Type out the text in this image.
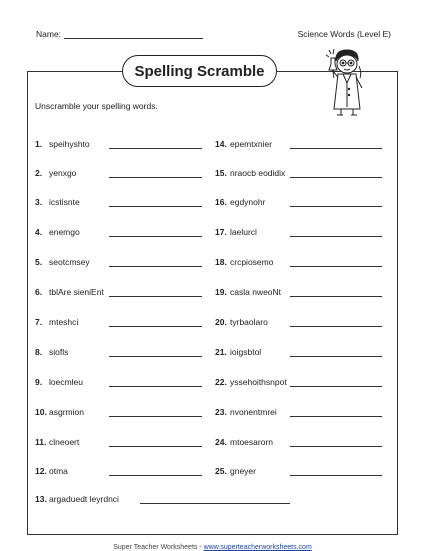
Name:	Science Words (Level E)
Spelling Scramble
Unscramble your spelling words.
1. speihyshto
2. yenxgo
3. icstisnte
4. enemgo
5. seotcmsey
6. tblAre sieniEnt
7. mteshci
8. siofls
9. loecmleu
10. asgrmion
11. clneoert
12. otmа
13. argaduedt leyrdnci
14. epemtxnier
15. nraocb eodidix
16. egdynohr
17. laelurcl
18. crcpiosemo
19. casla nweoNt
20. tyrbaolaro
21. ioigsbtol
22. yssehoithsnpot
23. nvonentmrei
24. mtoesarorn
25. gneyer
Super Teacher Worksheets - www.superteacherworksheets.com
